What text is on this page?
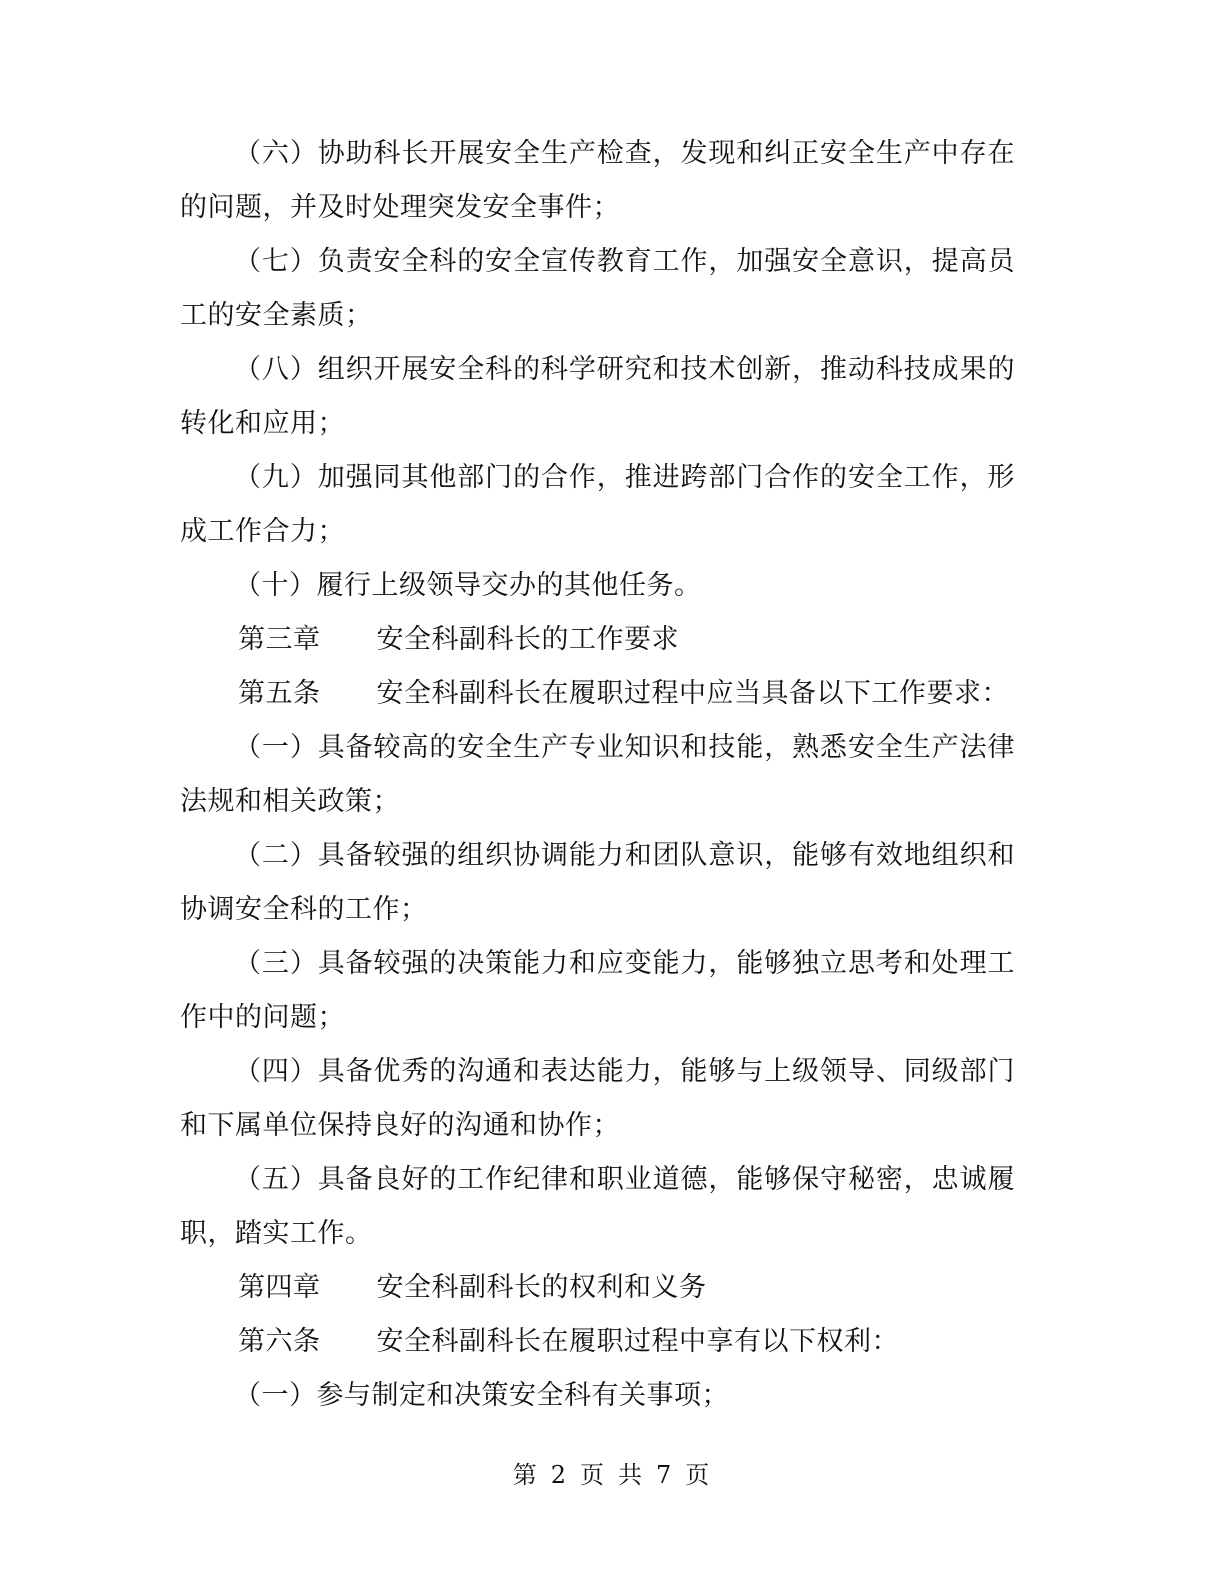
（六）协助科长开展安全生产检查，发现和纠正安全生产中存在的问题，并及时处理突发安全事件；

（七）负责安全科的安全宣传教育工作，加强安全意识，提高员工的安全素质；

（八）组织开展安全科的科学研究和技术创新，推动科技成果的转化和应用；

（九）加强同其他部门的合作，推进跨部门合作的安全工作，形成工作合力；

（十）履行上级领导交办的其他任务。

第三章 安全科副科长的工作要求

第五条 安全科副科长在履职过程中应当具备以下工作要求：

（一）具备较高的安全生产专业知识和技能，熟悉安全生产法律法规和相关政策；

（二）具备较强的组织协调能力和团队意识，能够有效地组织和协调安全科的工作；

（三）具备较强的决策能力和应变能力，能够独立思考和处理工作中的问题；

（四）具备优秀的沟通和表达能力，能够与上级领导、同级部门和下属单位保持良好的沟通和协作；

（五）具备良好的工作纪律和职业道德，能够保守秘密，忠诚履职，踏实工作。

第四章 安全科副科长的权利和义务

第六条 安全科副科长在履职过程中享有以下权利：

（一）参与制定和决策安全科有关事项；

第 2 页 共 7 页
